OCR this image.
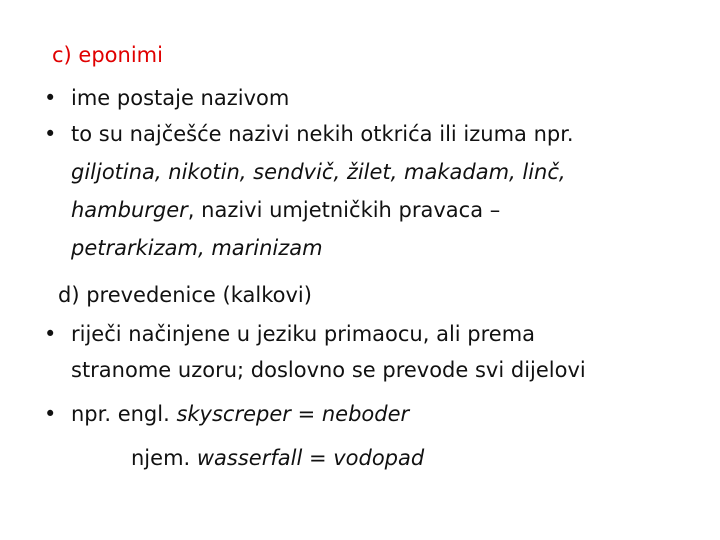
c) eponimi
• ime postaje nazivom
• to su najčešće nazivi nekih otkrića ili izuma npr.
giljotina, nikotin, sendvič, žilet, makadam, linč,
hamburger, nazivi umjetničkih pravaca –
petrarkizam, marinizam
d) prevedenice (kalkovi)
• riječi načinjene u jeziku primaocu, ali prema
stranome uzoru; doslovno se prevode svi dijelovi
• npr. engl. skyscreper = neboder
njem. wasserfall = vodopad
